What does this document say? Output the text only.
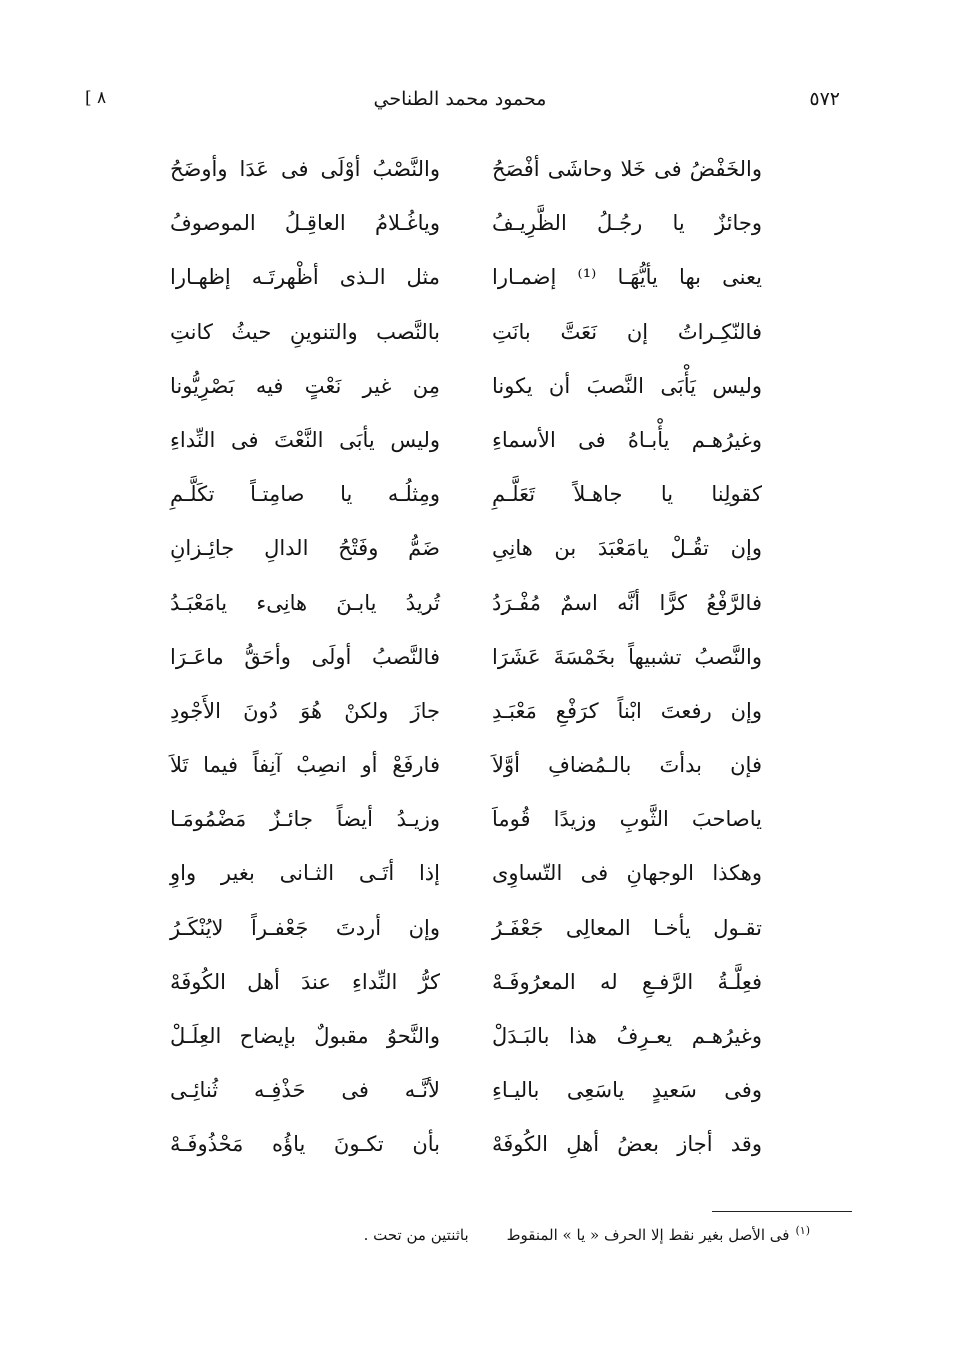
[ ٨	محمود محمد الطناحي	٥٧٢
والخَفْضُ فى خَلا وحاشَى أفْصَحُ
والنَّصْبُ أوْلَى فى عَدَا وأوضَحُ
وجائزٌ يا رجُـلُ الظَّرِيـفُ
وياغُـلامُ العاقِـلُ الموصوفُ
يعنى بها يأيُّهَـا ⁽¹⁾ إضمـارا
مثل الـذى أظْهرتَـه إظهـارا
فالنّكِـراتُ إن نَعَتَّ بانَتِ
بالنَّصب والتنوينِ حيثُ كانتِ
وليس يَأْبَى النَّصبَ أن يكونا
مِن غير نَعْتٍ فيه بَصْرِيُّونا
وغيرُهـم يأْبـاهُ فى الأسماءِ
وليس يأبَى النَّعْتَ فى النِّداءِ
كقولِنا يا جاهـلاً تَعَلَّـمِ
ومِثلُـه يا صامِتـاً تكَلَّـمِ
وإن تقُـلْ يامَعْبَدَ بن هانِىِ
ضَمُّ وفَتْحُ الدالِ جائِـزانِ
فالرَّفْعُ كرًّا أنَّه اسمٌ مُفْـرَدُ
تُريدُ يابـنَ هانِىء يامَعْبَـدُ
والنَّصبُ تشبيهاً بخَمْسَةَ عَشَرَا
فالنَّصبُ أولَى وأحَقُّ ماعَـرَا
وإن رفعتَ ابْناً كرَفْعِ مَعْبَـدِ
جازَ ولكنْ هُوَ دُونَ الأَجْودِ
فإن بدأتَ بالـمُضافِ أوَّلاَ
فارفَعْ أو انصِبْ آنِفاً فيما تَلاَ
ياصاحبَ الثَّوبِ وزيدًا قُوماَ
وزيـدُ أيضاً جائـزٌ مَضْمُومَـا
وهكذا الوجهانِ فى التّساوِى
إذا أتَـى الثـانى بغير واوِ
تقـول يأخـا المعالِى جَعْفَـرُ
وإن أردتَ جَعْفـراً لايُنْكَـرُ
فعِلَّـةُ الرَّفـعِ له المعرُوفَـهْ
كرُّ النِّداءِ عندَ أهل الكُوفَهْ
وغيرُهـم يعـرِفُ هذا بالبَـدَلْ
والنَّحوُ مقبولٌ بإيضاح العِلَـلْ
وفى سَعيدٍ ياسَعِى باليـاءِ
لأنَّـه فى حَذْفِـه ثُنائِـى
وقد أجاز بعضُ أهلِ الكُوفَهْ
بأن تكـونَ ياؤُه مَحْذُوفَـهْ
$^{(١)}$فى الأصل بغير نقط إلا الحرف « يا » المنقوطباثنتين من تحت .
